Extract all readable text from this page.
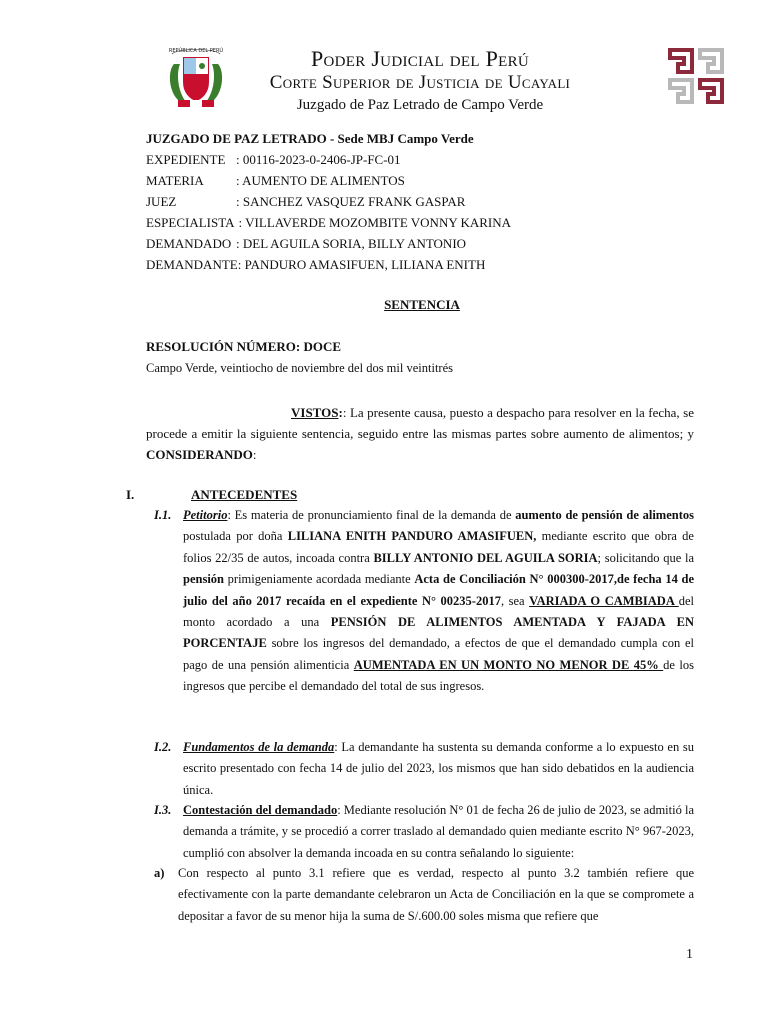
REPÚBLICA DEL PERÚ	Poder Judicial del Perú
Corte Superior de Justicia de Ucayali
Juzgado de Paz Letrado de Campo Verde
JUZGADO DE PAZ LETRADO - Sede MBJ Campo Verde
EXPEDIENTE : 00116-2023-0-2406-JP-FC-01
MATERIA	: AUMENTO DE ALIMENTOS
JUEZ	: SANCHEZ VASQUEZ FRANK GASPAR
ESPECIALISTA : VILLAVERDE MOZOMBITE VONNY KARINA
DEMANDADO : DEL AGUILA SORIA, BILLY ANTONIO
DEMANDANTE : PANDURO AMASIFUEN, LILIANA ENITH
SENTENCIA
RESOLUCIÓN NÚMERO: DOCE
Campo Verde, veintiocho de noviembre del dos mil veintitrés
VISTOS:: La presente causa, puesto a despacho para resolver en la fecha, se procede a emitir la siguiente sentencia, seguido entre las mismas partes sobre aumento de alimentos; y CONSIDERANDO:
I.	ANTECEDENTES
I.1. Petitorio: Es materia de pronunciamiento final de la demanda de aumento de pensión de alimentos postulada por doña LILIANA ENITH PANDURO AMASIFUEN, mediante escrito que obra de folios 22/35 de autos, incoada contra BILLY ANTONIO DEL AGUILA SORIA; solicitando que la pensión primigeniamente acordada mediante Acta de Conciliación N° 000300-2017,de fecha 14 de julio del año 2017 recaída en el expediente N° 00235-2017, sea VARIADA O CAMBIADA del monto acordado a una PENSIÓN DE ALIMENTOS AMENTADA Y FAJADA EN PORCENTAJE sobre los ingresos del demandado, a efectos de que el demandado cumpla con el pago de una pensión alimenticia AUMENTADA EN UN MONTO NO MENOR DE 45% de los ingresos que percibe el demandado del total de sus ingresos.
I.2. Fundamentos de la demanda: La demandante ha sustenta su demanda conforme a lo expuesto en su escrito presentado con fecha 14 de julio del 2023, los mismos que han sido debatidos en la audiencia única.
I.3. Contestación del demandado: Mediante resolución N° 01 de fecha 26 de julio de 2023, se admitió la demanda a trámite, y se procedió a correr traslado al demandado quien mediante escrito N° 967-2023, cumplió con absolver la demanda incoada en su contra señalando lo siguiente:
a) Con respecto al punto 3.1 refiere que es verdad, respecto al punto 3.2 también refiere que efectivamente con la parte demandante celebraron un Acta de Conciliación en la que se compromete a depositar a favor de su menor hija la suma de S/.600.00 soles misma que refiere que
1
